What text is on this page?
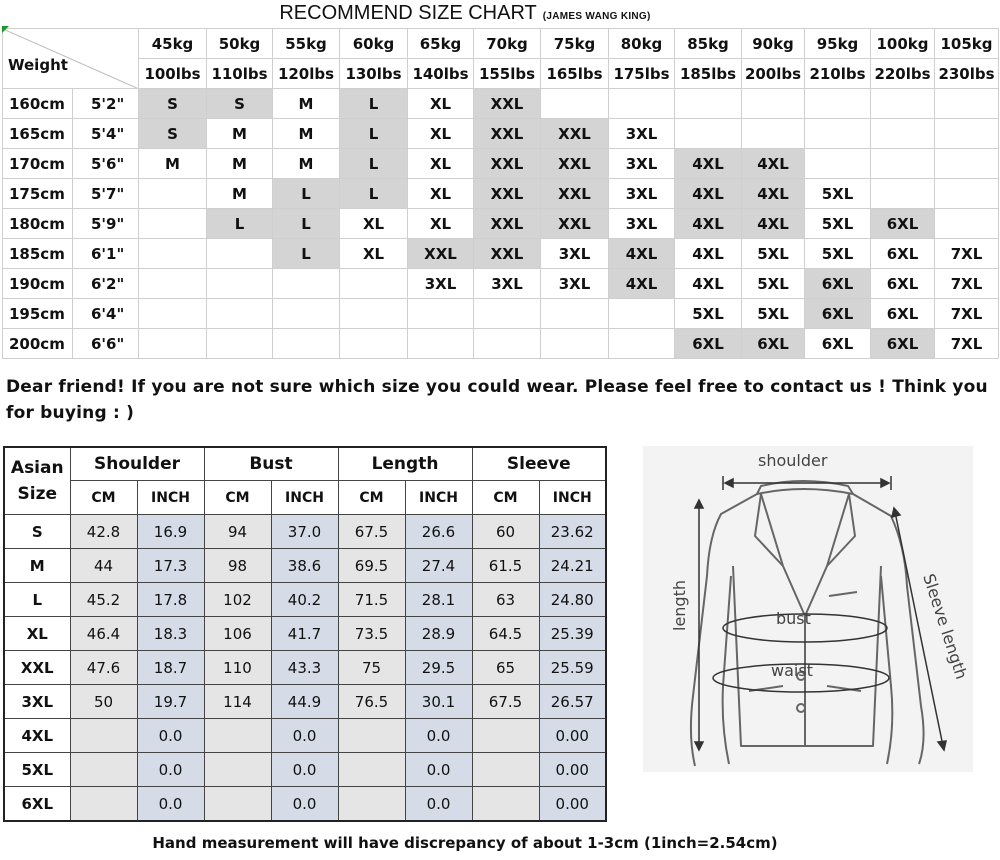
RECOMMEND SIZE CHART (JAMES WANG KING)
Weight		45kg	50kg	55kg	60kg	65kg	70kg	75kg	80kg	85kg	90kg	95kg	100kg	105kg
		100lbs	110lbs	120lbs	130lbs	140lbs	155lbs	165lbs	175lbs	185lbs	200lbs	210lbs	220lbs	230lbs
160cm	5'2"	S	S	M	L	XL	XXL							
165cm	5'4"	S	M	M	L	XL	XXL	XXL	3XL					
170cm	5'6"	M	M	M	L	XL	XXL	XXL	3XL	4XL	4XL			
175cm	5'7"		M	L	L	XL	XXL	XXL	3XL	4XL	4XL	5XL		
180cm	5'9"		L	L	XL	XL	XXL	XXL	3XL	4XL	4XL	5XL	6XL	
185cm	6'1"			L	XL	XXL	XXL	3XL	4XL	4XL	5XL	5XL	6XL	7XL
190cm	6'2"					3XL	3XL	3XL	4XL	4XL	5XL	6XL	6XL	7XL
195cm	6'4"									5XL	5XL	6XL	6XL	7XL
200cm	6'6"									6XL	6XL	6XL	6XL	7XL
Dear friend! If you are not sure which size you could wear. Please feel free to contact us ! Think you for buying : )
Asian
Size	Shoulder		Bust		Length		Sleeve	
	CM	INCH	CM	INCH	CM	INCH	CM	INCH
S	42.8	16.9	94	37.0	67.5	26.6	60	23.62
M	44	17.3	98	38.6	69.5	27.4	61.5	24.21
L	45.2	17.8	102	40.2	71.5	28.1	63	24.80
XL	46.4	18.3	106	41.7	73.5	28.9	64.5	25.39
XXL	47.6	18.7	110	43.3	75	29.5	65	25.59
3XL	50	19.7	114	44.9	76.5	30.1	67.5	26.57
4XL		0.0		0.0		0.0		0.00
5XL		0.0		0.0		0.0		0.00
6XL		0.0		0.0		0.0		0.00
shoulder
length	bust
waist	Sleeve length
Hand measurement will have discrepancy of about 1-3cm (1inch=2.54cm)
